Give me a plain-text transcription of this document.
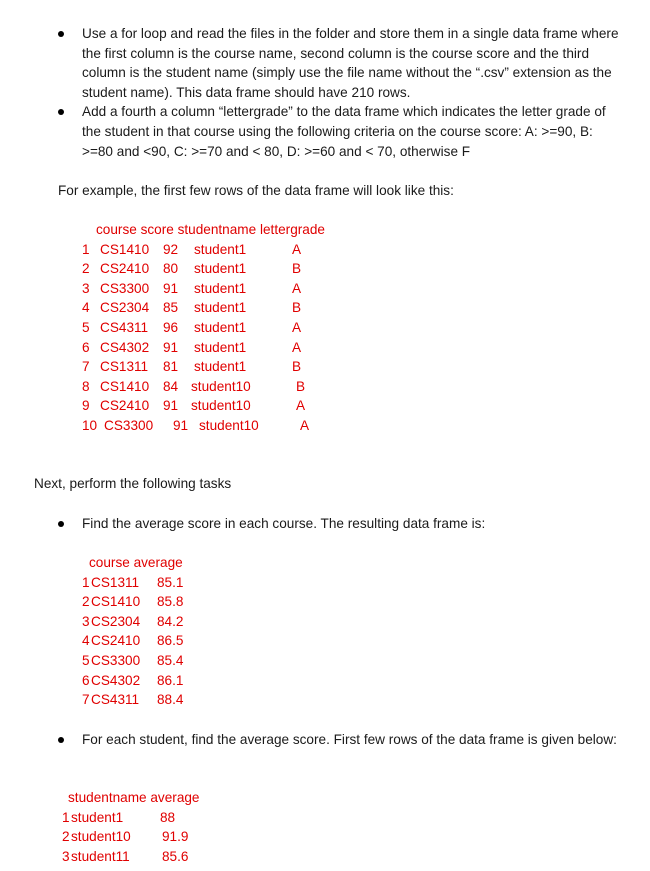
Use a for loop and read the files in the folder and store them in a single data frame where the first column is the course name, second column is the course score and the third column is the student name (simply use the file name without the “.csv” extension as the student name). This data frame should have 210 rows.
Add a fourth a column “lettergrade” to the data frame which indicates the letter grade of the student in that course using the following criteria on the course score: A: >=90, B: >=80 and <90, C: >=70 and < 80, D: >=60 and < 70, otherwise F
For example, the first few rows of the data frame will look like this:
course score studentname lettergrade
1 CS1410 92 student1	A
2 CS2410 80 student1	B
3 CS3300 91 student1	A
4 CS2304 85 student1	B
5 CS4311 96 student1	A
6 CS4302 91 student1	A
7 CS1311 81 student1	B
8 CS1410 84 student10	B
9 CS2410 91 student10	A
10 CS3300 91 student10	A
Next, perform the following tasks
Find the average score in each course. The resulting data frame is:
course average
1 CS1311 85.1
2 CS1410 85.8
3 CS2304 84.2
4 CS2410 86.5
5 CS3300 85.4
6 CS4302 86.1
7 CS4311 88.4
For each student, find the average score. First few rows of the data frame is given below:
studentname average
1 student1	88
2 student10 91.9
3 student11 85.6
